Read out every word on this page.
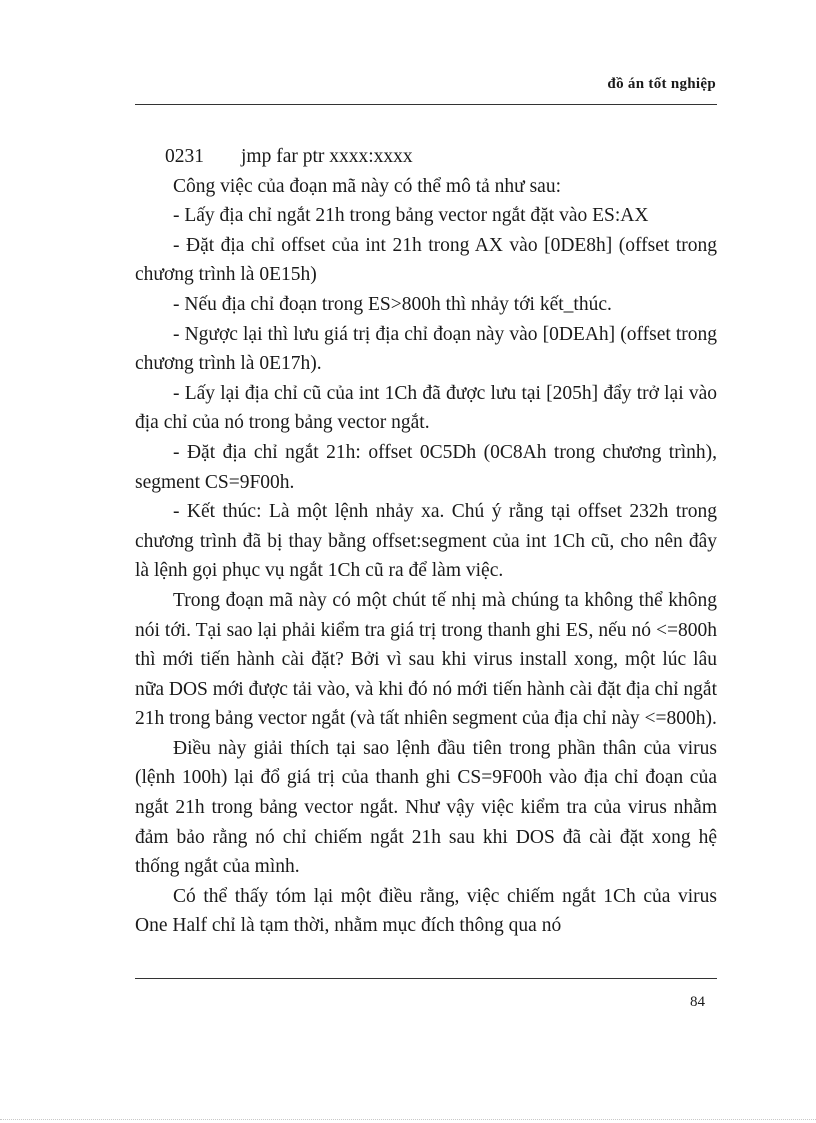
đồ án tốt nghiệp

0231 jmp far ptr xxxx:xxxx

Công việc của đoạn mã này có thể mô tả như sau:

- Lấy địa chỉ ngắt 21h trong bảng vector ngắt đặt vào ES:AX

- Đặt địa chỉ offset của int 21h trong AX vào [0DE8h] (offset trong chương trình là 0E15h)

- Nếu địa chỉ đoạn trong ES>800h thì nhảy tới kết_thúc.

- Ngược lại thì lưu giá trị địa chỉ đoạn này vào [0DEAh] (offset trong chương trình là 0E17h).

- Lấy lại địa chỉ cũ của int 1Ch đã được lưu tại [205h] đẩy trở lại vào địa chỉ của nó trong bảng vector ngắt.

- Đặt địa chỉ ngắt 21h: offset 0C5Dh (0C8Ah trong chương trình), segment CS=9F00h.

- Kết thúc: Là một lệnh nhảy xa. Chú ý rằng tại offset 232h trong chương trình đã bị thay bằng offset:segment của int 1Ch cũ, cho nên đây là lệnh gọi phục vụ ngắt 1Ch cũ ra để làm việc.

Trong đoạn mã này có một chút tế nhị mà chúng ta không thể không nói tới. Tại sao lại phải kiểm tra giá trị trong thanh ghi ES, nếu nó <=800h thì mới tiến hành cài đặt? Bởi vì sau khi virus install xong, một lúc lâu nữa DOS mới được tải vào, và khi đó nó mới tiến hành cài đặt địa chỉ ngắt 21h trong bảng vector ngắt (và tất nhiên segment của địa chỉ này <=800h).

Điều này giải thích tại sao lệnh đầu tiên trong phần thân của virus (lệnh 100h) lại đổ giá trị của thanh ghi CS=9F00h vào địa chỉ đoạn của ngắt 21h trong bảng vector ngắt. Như vậy việc kiểm tra của virus nhằm đảm bảo rằng nó chỉ chiếm ngắt 21h sau khi DOS đã cài đặt xong hệ thống ngắt của mình.

Có thể thấy tóm lại một điều rằng, việc chiếm ngắt 1Ch của virus One Half chỉ là tạm thời, nhằm mục đích thông qua nó

84
